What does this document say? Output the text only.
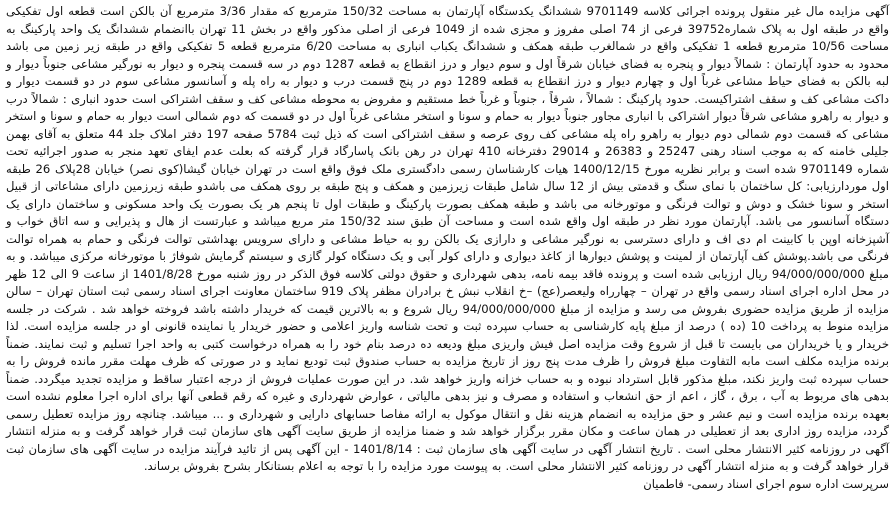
آگهی مزایده مال غیر منقول پرونده اجرائی کلاسه 9701149 ششدانگ یکدستگاه آپارتمان به مساحت 150/32 مترمربع که مقدار 3/36 مترمربع آن بالکن است قطعه اول تفکیکی واقع در طبقه اول به پلاک شماره39752 فرعی از 74 اصلی مفروز و مجزی شده از 1049 فرعی از اصلی مذکور واقع در بخش 11 تهران باانضمام ششدانگ یک واحد پارکینگ به مساحت 10/56 مترمربع قطعه 1 تفکیکی واقع در شمالغرب طبقه همکف و ششدانگ یکباب انباری به مساحت 6/20 مترمربع قطعه 5 تفکیکی واقع در طبقه زیر زمین می باشد محدود به حدود آپارتمان : شمالاً دیوار و پنجره به فضای خیابان شرقاً اول و سوم دیوار و درز انقطاع به قطعه 1287 دوم در سه قسمت پنجره و دیوار به نورگیر مشاعی جنوباً دیوار و لبه بالکن به فضای حیاط مشاعی غرباً اول و چهارم دیوار و درز انقطاع به قطعه 1289 دوم در پنج قسمت درب و دیوار به راه پله و آسانسور مشاعی سوم در دو قسمت دیوار و داکت مشاعی کف و سقف اشتراکیست. حدود پارکینگ : شمالاً ، شرقاً ، جنوباً و غرباً خط مستقیم و مفروض به محوطه مشاعی کف و سقف اشتراکی است حدود انباری : شمالاً درب و دیوار به راهرو مشاعی شرقاً دیوار اشتراکی با انباری مجاور جنوباً دیوار به حمام و سونا و استخر مشاعی غرباً اول در دو قسمت که دوم شمالی است دیوار به حمام و سونا و استخر مشاعی که قسمت دوم شمالی دوم دیوار به راهرو راه پله مشاعی کف روی عرصه و سقف اشتراکی است که ذیل ثبت 5784 صفحه 197 دفتر املاک جلد 44 متعلق به آقای بهمن جلیلی خامنه که به موجب اسناد رهنی 25247 و 26383 و 29014 دفترخانه 410 تهران در رهن بانک پاسارگاد قرار گرفته که بعلت عدم ایفای تعهد منجر به صدور اجرائیه تحت شماره 9701149 شده است و برابر نظریه مورخ 1400/12/15 هیات کارشناسان رسمی دادگستری ملک فوق واقع است در تهران خیابان گیشا(کوی نصر) خیابان 28پلاک 26 طبقه اول موردارزیابی: کل ساختمان با نمای سنگ و قدمتی بیش از 12 سال شامل طبقات زیرزمین و همکف و پنج طبقه بر روی همکف می باشدو طبقه زیرزمین دارای مشاعاتی از قبیل استخر و سونا خشک و دوش و توالت فرنگی و موتورخانه می باشد و طبقه همکف بصورت پارکینگ و طبقات اول تا پنجم هر یک بصورت یک واحد مسکونی و ساختمان دارای یک دستگاه آسانسور می باشد. آپارتمان مورد نظر در طبقه اول واقع شده است و مساحت آن طبق سند 150/32 متر مربع میباشد و عبارتست از هال و پذیرایی و سه اتاق خواب و آشپزخانه اوپن با کابینت ام دی اف و دارای دسترسی به نورگیر مشاعی و دارازی یک بالکن رو به حیاط مشاعی و دارای سرویس بهداشتی توالت فرنگی و حمام به همراه توالت فرنگی می باشد.پوشش کف آپارتمان از لمینت و پوشش دیوارها از کاغذ دیواری و دارای کولر آبی و یک دستگاه کولر گازی و سیستم گرمایش شوفاژ با موتورخانه مرکزی میباشد. و به مبلغ 94/000/000/000 ریال ارزیابی شده است و پرونده فاقد بیمه نامه، بدهی شهرداری و حقوق دولتی کلاسه فوق الذکر در روز شنبه مورخ 1401/8/28 از ساعت 9 الی 12 ظهر در محل اداره اجرای اسناد رسمی واقع در تهران – چهارراه ولیعصر(عج) –خ انقلاب نبش خ برادران مظفر پلاک 919 ساختمان معاونت اجرای اسناد رسمی ثبت استان تهران – سالن مزایده از طریق مزایده حضوری بفروش می رسد و مزایده از مبلغ 94/000/000/000 ریال شروع و به بالاترین قیمت که خریدار داشته باشد فروخته خواهد شد . شرکت در جلسه مزایده منوط به پرداخت 10 (ده ) درصد از مبلغ پایه کارشناسی به حساب سپرده ثبت و تحت شناسه واریز اعلامی و حضور خریدار یا نماینده قانونی او در جلسه مزایده است. لذا خریدار و یا خریداران می بایست تا قبل از شروع وقت مزایده اصل فیش واریزی مبلغ ودیعه ده درصد بنام خود را به همراه درخواست کتبی به واحد اجرا تسلیم و ثبت نمایند. ضمناً برنده مزایده مکلف است مابه التفاوت مبلغ فروش را ظرف مدت پنج روز از تاریخ مزایده به حساب صندوق ثبت تودیع نماید و در صورتی که ظرف مهلت مقرر مانده فروش را به حساب سپرده ثبت واریز نکند، مبلغ مذکور قابل استرداد نبوده و به حساب خزانه واریز خواهد شد. در این صورت عملیات فروش از درجه اعتبار ساقط و مزایده تجدید میگردد. ضمناً بدهی های مربوط به آب ، برق ، گاز ، اعم از حق انشعاب و استفاده و مصرف و نیز بدهی مالیاتی ، عوارض شهرداری و غیره که رقم قطعی آنها برای اداره اجرا معلوم نشده است بعهده برنده مزایده است و نیم عشر و حق مزایده به انضمام هزینه نقل و انتقال موکول به ارائه مفاصا حسابهای دارایی و شهرداری و ... میباشد. چنانچه روز مزایده تعطیل رسمی گردد، مزایده روز اداری بعد از تعطیلی در همان ساعت و مکان مقرر برگزار خواهد شد و ضمنا مزایده از طریق سایت آگهی های سازمان ثبت قرار خواهد گرفت و به منزله انتشار آگهی در روزنامه کثیر الانتشار محلی است . تاریخ انتشار آگهی در سایت آگهی های سازمان ثبت : 1401/8/14 - این آگهی پس از تائید فرآیند مزایده در سایت آگهی های سازمان ثبت قرار خواهد گرفت و به منزله انتشار آگهی در روزنامه کثیر الانتشار محلی است. به پیوست مورد مزایده را با توجه به اعلام بستانکار بشرح بفروش برساند.

سرپرست اداره سوم اجرای اسناد رسمی- فاطمیان
